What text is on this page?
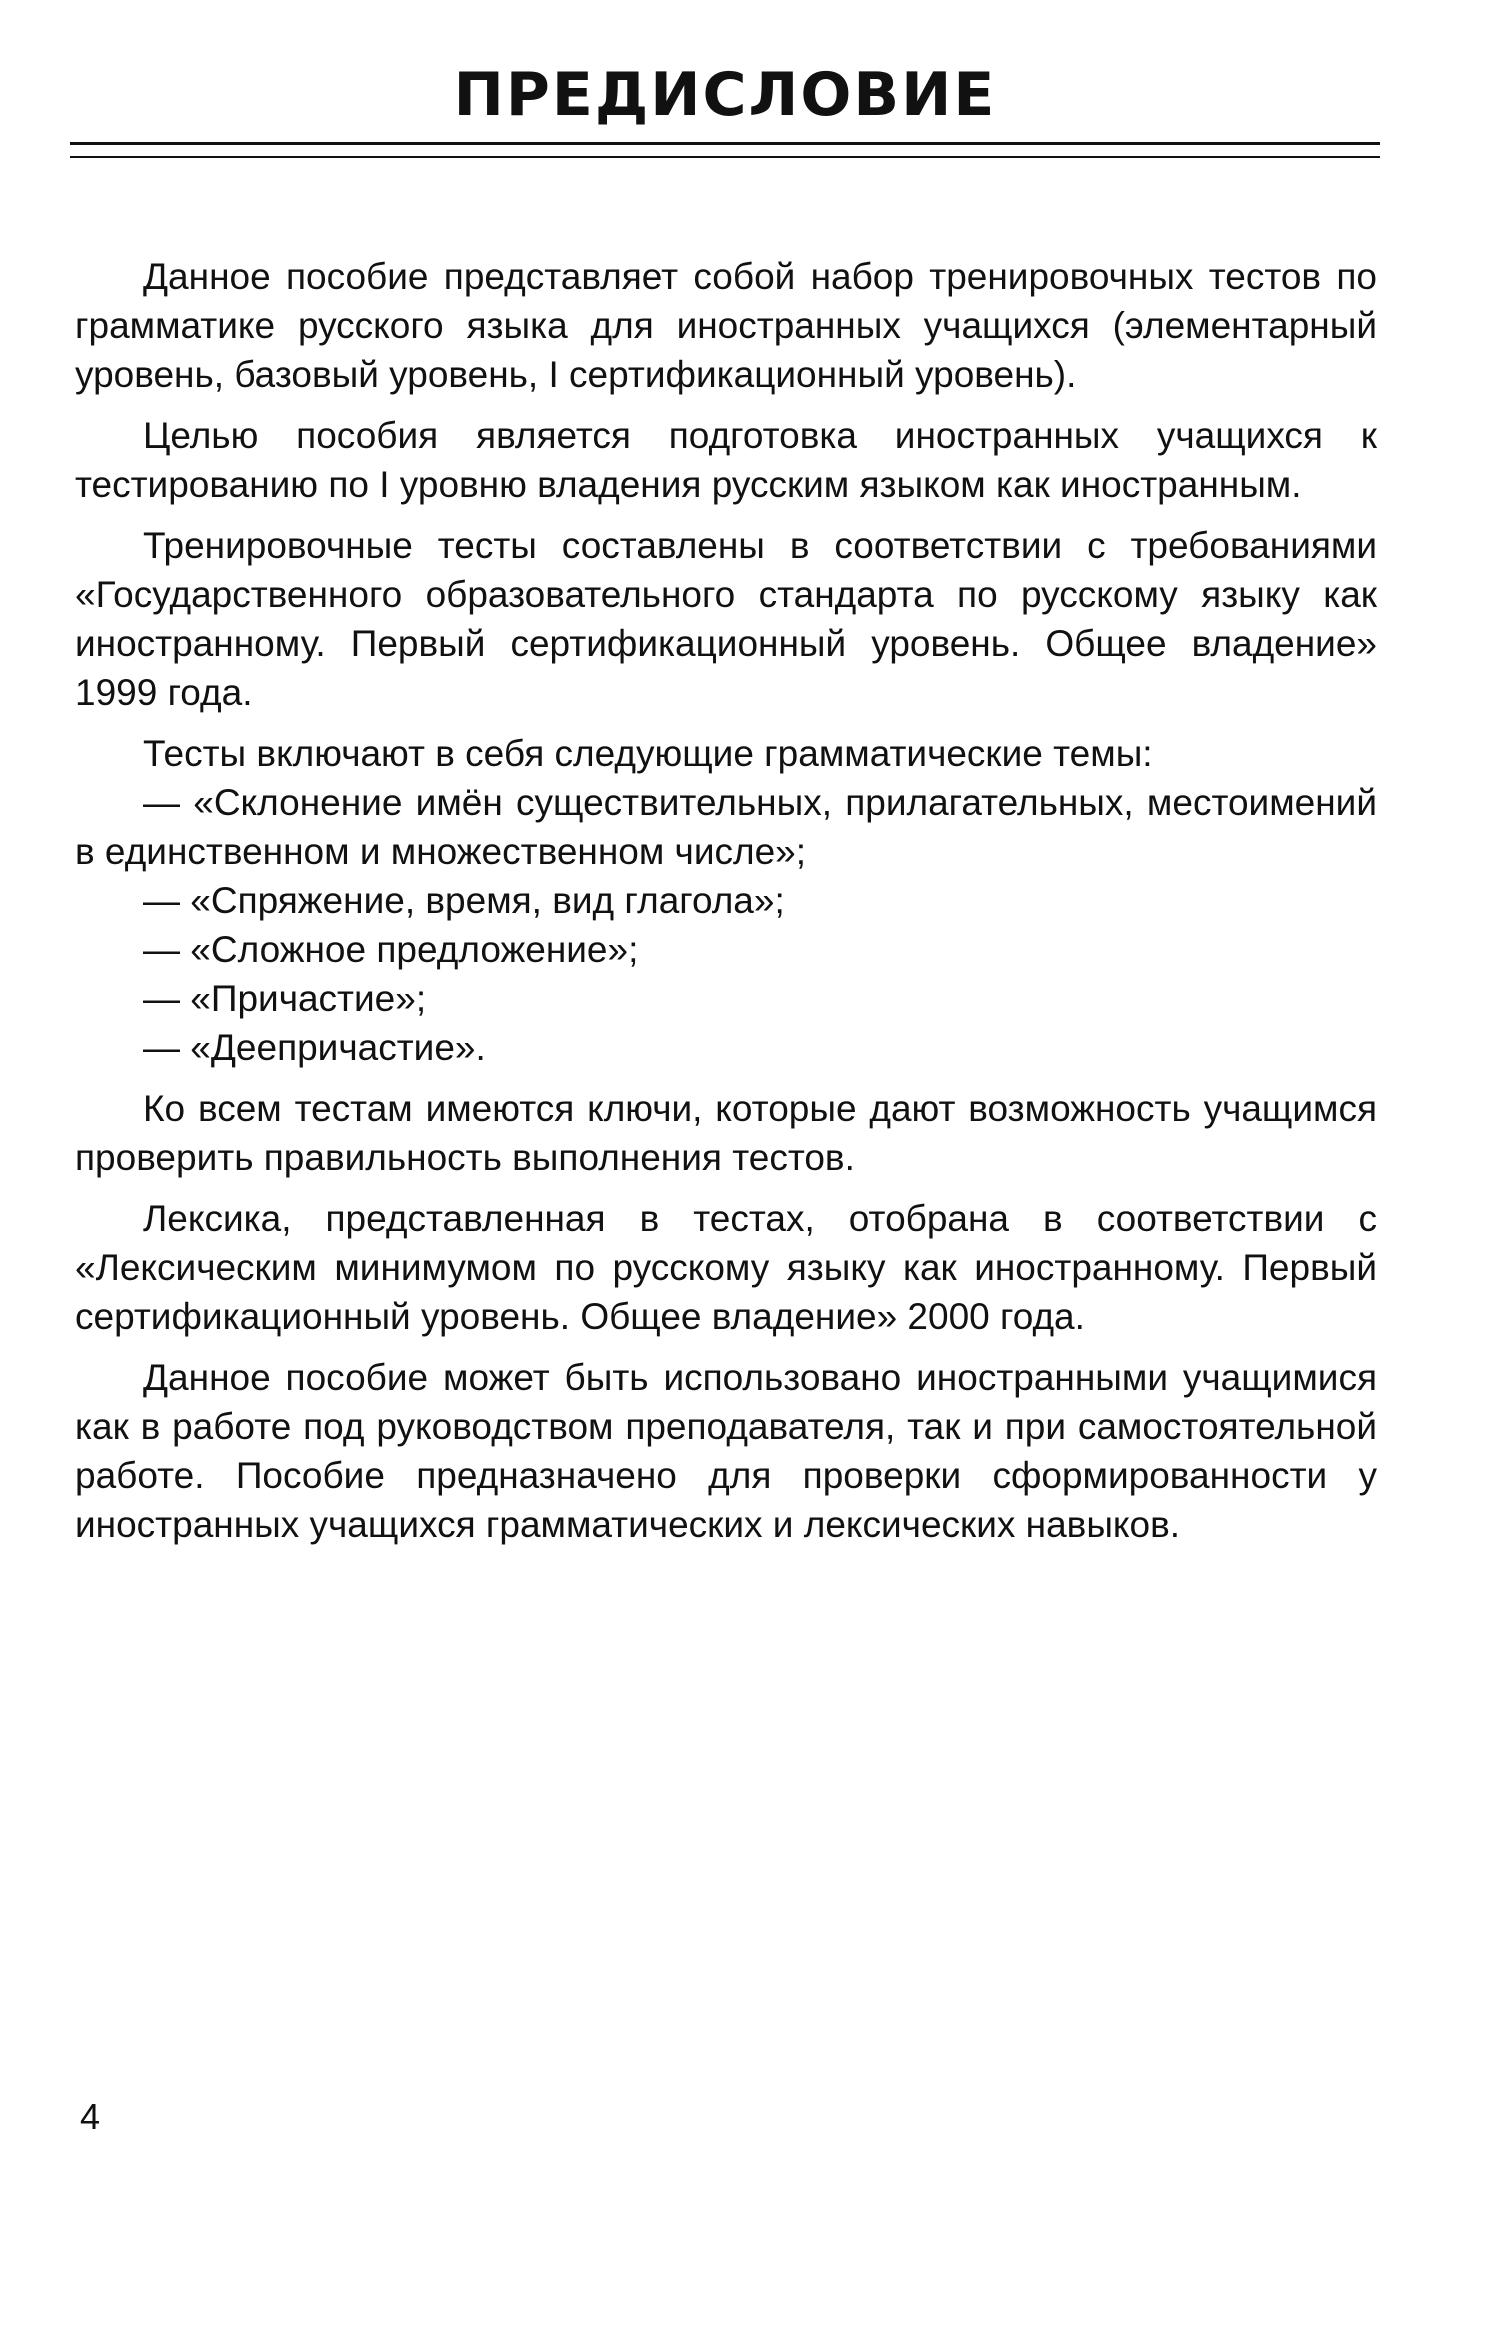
ПРЕДИСЛОВИЕ

Данное пособие представляет собой набор тренировочных тестов по грамматике русского языка для иностранных учащихся (элементарный уровень, базовый уровень, I сертификационный уровень).

Целью пособия является подготовка иностранных учащихся к тестированию по I уровню владения русским языком как иностранным.

Тренировочные тесты составлены в соответствии с требованиями «Государственного образовательного стандарта по русскому языку как иностранному. Первый сертификационный уровень. Общее владение» 1999 года.

Тесты включают в себя следующие грамматические темы:

— «Склонение имён существительных, прилагательных, местоимений в единственном и множественном числе»;

— «Спряжение, время, вид глагола»;

— «Сложное предложение»;

— «Причастие»;

— «Деепричастие».

Ко всем тестам имеются ключи, которые дают возможность учащимся проверить правильность выполнения тестов.

Лексика, представленная в тестах, отобрана в соответствии с «Лексическим минимумом по русскому языку как иностранному. Первый сертификационный уровень. Общее владение» 2000 года.

Данное пособие может быть использовано иностранными учащимися как в работе под руководством преподавателя, так и при самостоятельной работе. Пособие предназначено для проверки сформированности у иностранных учащихся грамматических и лексических навыков.

4
